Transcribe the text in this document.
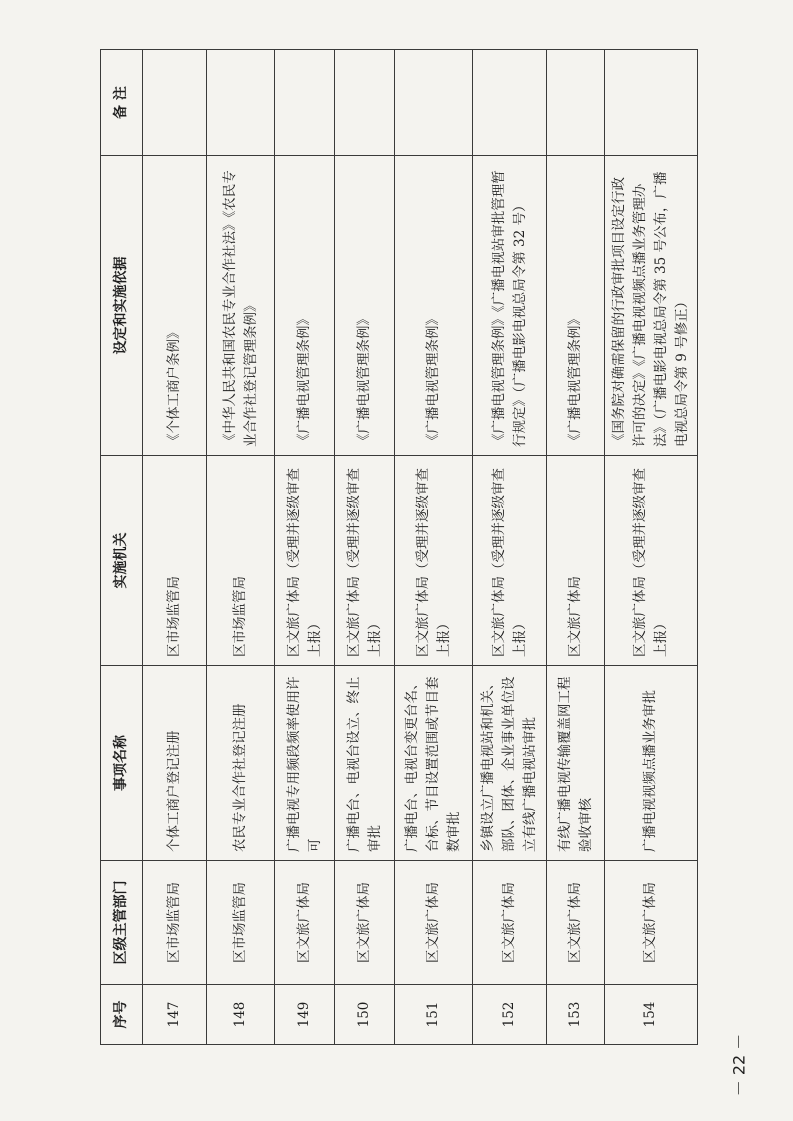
序号	区级主管部门	事项名称	实施机关	设定和实施依据	备 注
147	区市场监管局	个体工商户登记注册	区市场监管局	《个体工商户条例》	
148	区市场监管局	农民专业合作社登记注册	区市场监管局	《中华人民共和国农民专业合作社法》《农民专业合作社登记管理条例》	
149	区文旅广体局	广播电视专用频段频率使用许可	区文旅广体局（受理并逐级审查上报）	《广播电视管理条例》	
150	区文旅广体局	广播电台、电视台设立、终止审批	区文旅广体局（受理并逐级审查上报）	《广播电视管理条例》	
151	区文旅广体局	广播电台、电视台变更台名、台标、节目设置范围或节目套数审批	区文旅广体局（受理并逐级审查上报）	《广播电视管理条例》	
152	区文旅广体局	乡镇设立广播电视站和机关、部队、团体、企业事业单位设立有线广播电视站审批	区文旅广体局（受理并逐级审查上报）	《广播电视管理条例》《广播电视站审批管理暂行规定》（广播电影电视总局令第 32 号）	
153	区文旅广体局	有线广播电视传输覆盖网工程验收审核	区文旅广体局	《广播电视管理条例》	
154	区文旅广体局	广播电视视频点播业务审批	区文旅广体局（受理并逐级审查上报）	《国务院对确需保留的行政审批项目设定行政许可的决定》《广播电视视频点播业务管理办法》（广播电影电视总局令第 35 号公布，广播电视总局令第 9 号修正）	
－ 22 －
